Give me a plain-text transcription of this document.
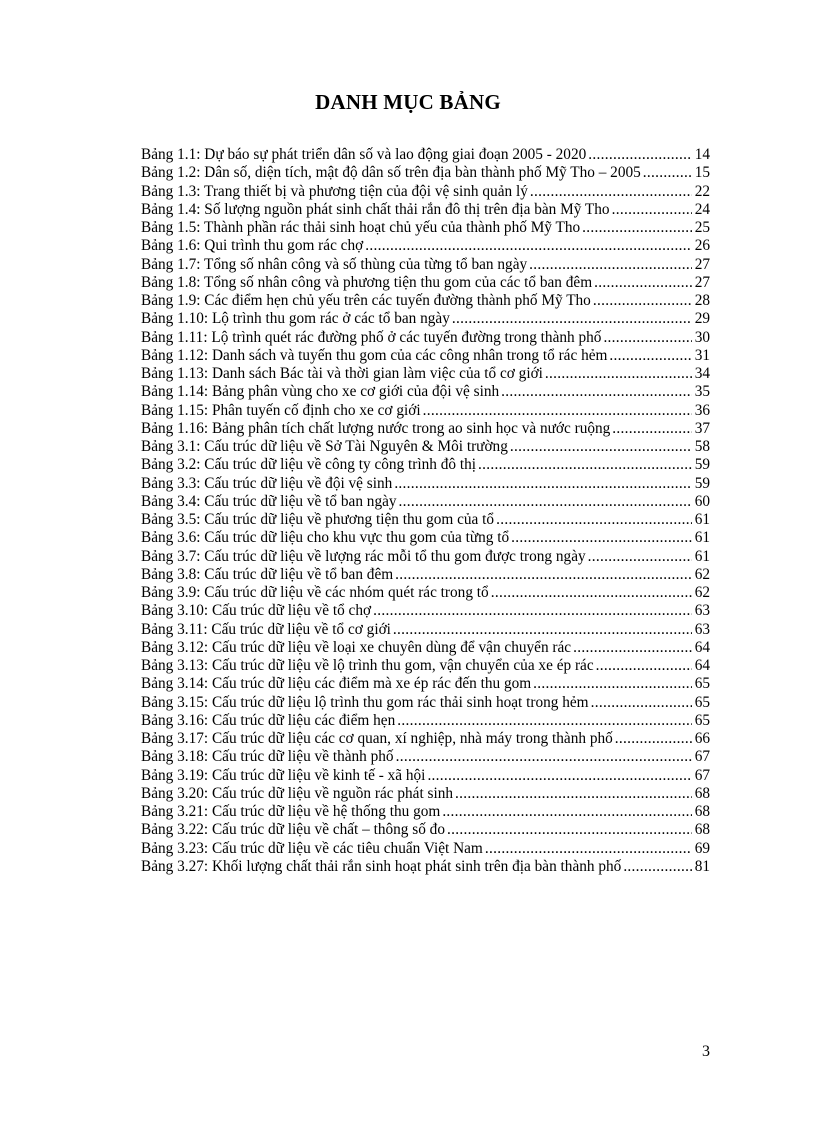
DANH MỤC BẢNG
Bảng 1.1: Dự báo sự phát triển dân số và lao động giai đoạn 2005 - 2020 .....	14
Bảng 1.2: Dân số, diện tích, mật độ dân số trên địa bàn thành phố Mỹ Tho – 2005 .....	15
Bảng 1.3: Trang thiết bị và phương tiện của đội vệ sinh quản lý .....	22
Bảng 1.4: Số lượng nguồn phát sinh chất thải rắn đô thị trên địa bàn Mỹ Tho .....	24
Bảng 1.5: Thành phần rác thải sinh hoạt chủ yếu của thành phố Mỹ Tho .....	25
Bảng 1.6: Qui trình thu gom rác chợ .....	26
Bảng 1.7: Tổng số nhân công và số thùng của từng tổ ban ngày .....	27
Bảng 1.8: Tổng số nhân công và phương tiện thu gom của các tổ ban đêm .....	27
Bảng 1.9: Các điểm hẹn chủ yếu trên các tuyến đường thành phố Mỹ Tho .....	28
Bảng 1.10: Lộ trình thu gom rác ở các tổ ban ngày .....	29
Bảng 1.11: Lộ trình quét rác đường phố ở các tuyến đường trong thành phố .....	30
Bảng 1.12: Danh sách và tuyến thu gom của các công nhân trong tổ rác hẻm .....	31
Bảng 1.13: Danh sách Bác tài và thời gian làm việc của tổ cơ giới .....	34
Bảng 1.14: Bảng phân vùng cho xe cơ giới của đội vệ sinh .....	35
Bảng 1.15: Phân tuyến cố định cho xe cơ giới .....	36
Bảng 1.16: Bảng phân tích chất lượng nước trong ao sinh học và nước ruộng .....	37
Bảng 3.1: Cấu trúc dữ liệu về Sở Tài Nguyên & Môi trường .....	58
Bảng 3.2: Cấu trúc dữ liệu về công ty công trình đô thị .....	59
Bảng 3.3: Cấu trúc dữ liệu về đội vệ sinh .....	59
Bảng 3.4: Cấu trúc dữ liệu về tổ ban ngày .....	60
Bảng 3.5: Cấu trúc dữ liệu về phương tiện thu gom của tổ .....	61
Bảng 3.6: Cấu trúc dữ liệu cho khu vực thu gom của từng tổ .....	61
Bảng 3.7: Cấu trúc dữ liệu về lượng rác mỗi tổ thu gom được trong ngày .....	61
Bảng 3.8: Cấu trúc dữ liệu về tổ ban đêm .....	62
Bảng 3.9: Cấu trúc dữ liệu về các nhóm quét rác trong tổ .....	62
Bảng 3.10: Cấu trúc dữ liệu về tổ chợ .....	63
Bảng 3.11: Cấu trúc dữ liệu về tổ cơ giới .....	63
Bảng 3.12: Cấu trúc dữ liệu về loại xe chuyên dùng để vận chuyển rác .....	64
Bảng 3.13: Cấu trúc dữ liệu về lộ trình thu gom, vận chuyển của xe ép rác .....	64
Bảng 3.14: Cấu trúc dữ liệu các điểm mà xe ép rác đến thu gom .....	65
Bảng 3.15: Cấu trúc dữ liệu lộ trình thu gom rác thải sinh hoạt trong hẻm .....	65
Bảng 3.16: Cấu trúc dữ liệu các điểm hẹn .....	65
Bảng 3.17: Cấu trúc dữ liệu các cơ quan, xí nghiệp, nhà máy trong thành phố .....	66
Bảng 3.18: Cấu trúc dữ liệu về thành phố .....	67
Bảng 3.19: Cấu trúc dữ liệu về kinh tế - xã hội .....	67
Bảng 3.20: Cấu trúc dữ liệu về nguồn rác phát sinh .....	68
Bảng 3.21: Cấu trúc dữ liệu về hệ thống thu gom .....	68
Bảng 3.22: Cấu trúc dữ liệu về chất – thông số đo .....	68
Bảng 3.23: Cấu trúc dữ liệu về các tiêu chuẩn Việt Nam .....	69
Bảng 3.27: Khối lượng chất thải rắn sinh hoạt phát sinh trên địa bàn thành phố .....	81
3
